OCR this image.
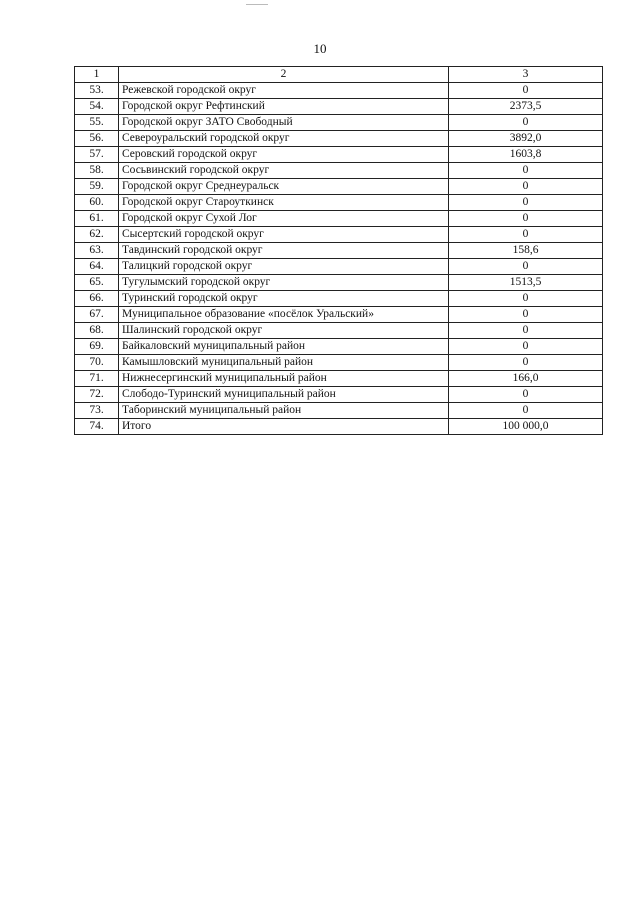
10
1	2	3
53.	Режевской городской округ	0
54.	Городской округ Рефтинский	2373,5
55.	Городской округ ЗАТО Свободный	0
56.	Североуральский городской округ	3892,0
57.	Серовский городской округ	1603,8
58.	Сосьвинский городской округ	0
59.	Городской округ Среднеуральск	0
60.	Городской округ Староуткинск	0
61.	Городской округ Сухой Лог	0
62.	Сысертский городской округ	0
63.	Тавдинский городской округ	158,6
64.	Талицкий городской округ	0
65.	Тугулымский городской округ	1513,5
66.	Туринский городской округ	0
67.	Муниципальное образование «посёлок Уральский»	0
68.	Шалинский городской округ	0
69.	Байкаловский муниципальный район	0
70.	Камышловский муниципальный район	0
71.	Нижнесергинский муниципальный район	166,0
72.	Слободо-Туринский муниципальный район	0
73.	Таборинский муниципальный район	0
74.	Итого	100 000,0
